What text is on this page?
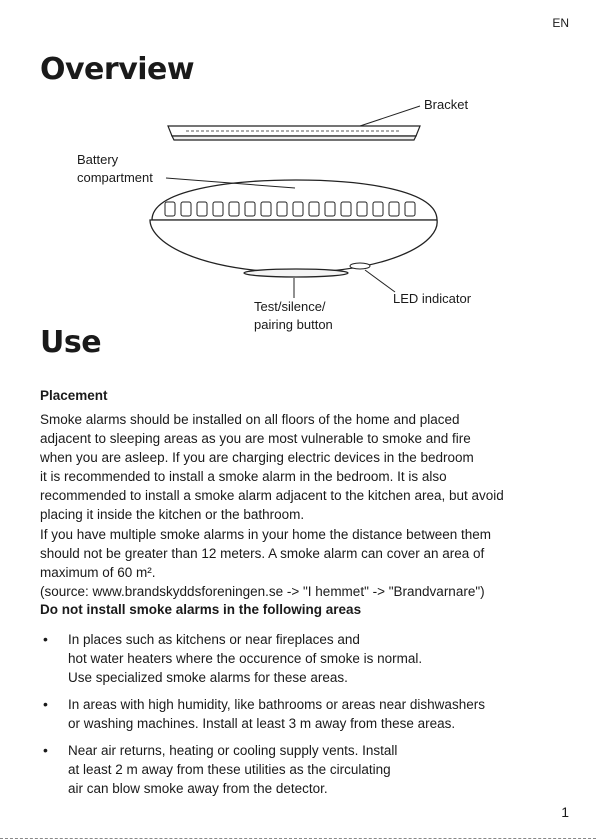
EN
Overview
Bracket
Battery
compartment
LED indicator
Test/silence/
pairing button
Use
Placement

Smoke alarms should be installed on all floors of the home and placed
adjacent to sleeping areas as you are most vulnerable to smoke and fire
when you are asleep. If you are charging electric devices in the bedroom
it is recommended to install a smoke alarm in the bedroom. It is also
recommended to install a smoke alarm adjacent to the kitchen area, but avoid
placing it inside the kitchen or the bathroom.

If you have multiple smoke alarms in your home the distance between them
should not be greater than 12 meters. A smoke alarm can cover an area of
maximum of 60 m².
(source: www.brandskyddsforeningen.se -> "I hemmet" -> "Brandvarnare")

Do not install smoke alarms in the following areas
• In places such as kitchens or near fireplaces and
hot water heaters where the occurence of smoke is normal.
Use specialized smoke alarms for these areas.
• In areas with high humidity, like bathrooms or areas near dishwashers
or washing machines. Install at least 3 m away from these areas.
• Near air returns, heating or cooling supply vents. Install
at least 2 m away from these utilities as the circulating
air can blow smoke away from the detector.
1
